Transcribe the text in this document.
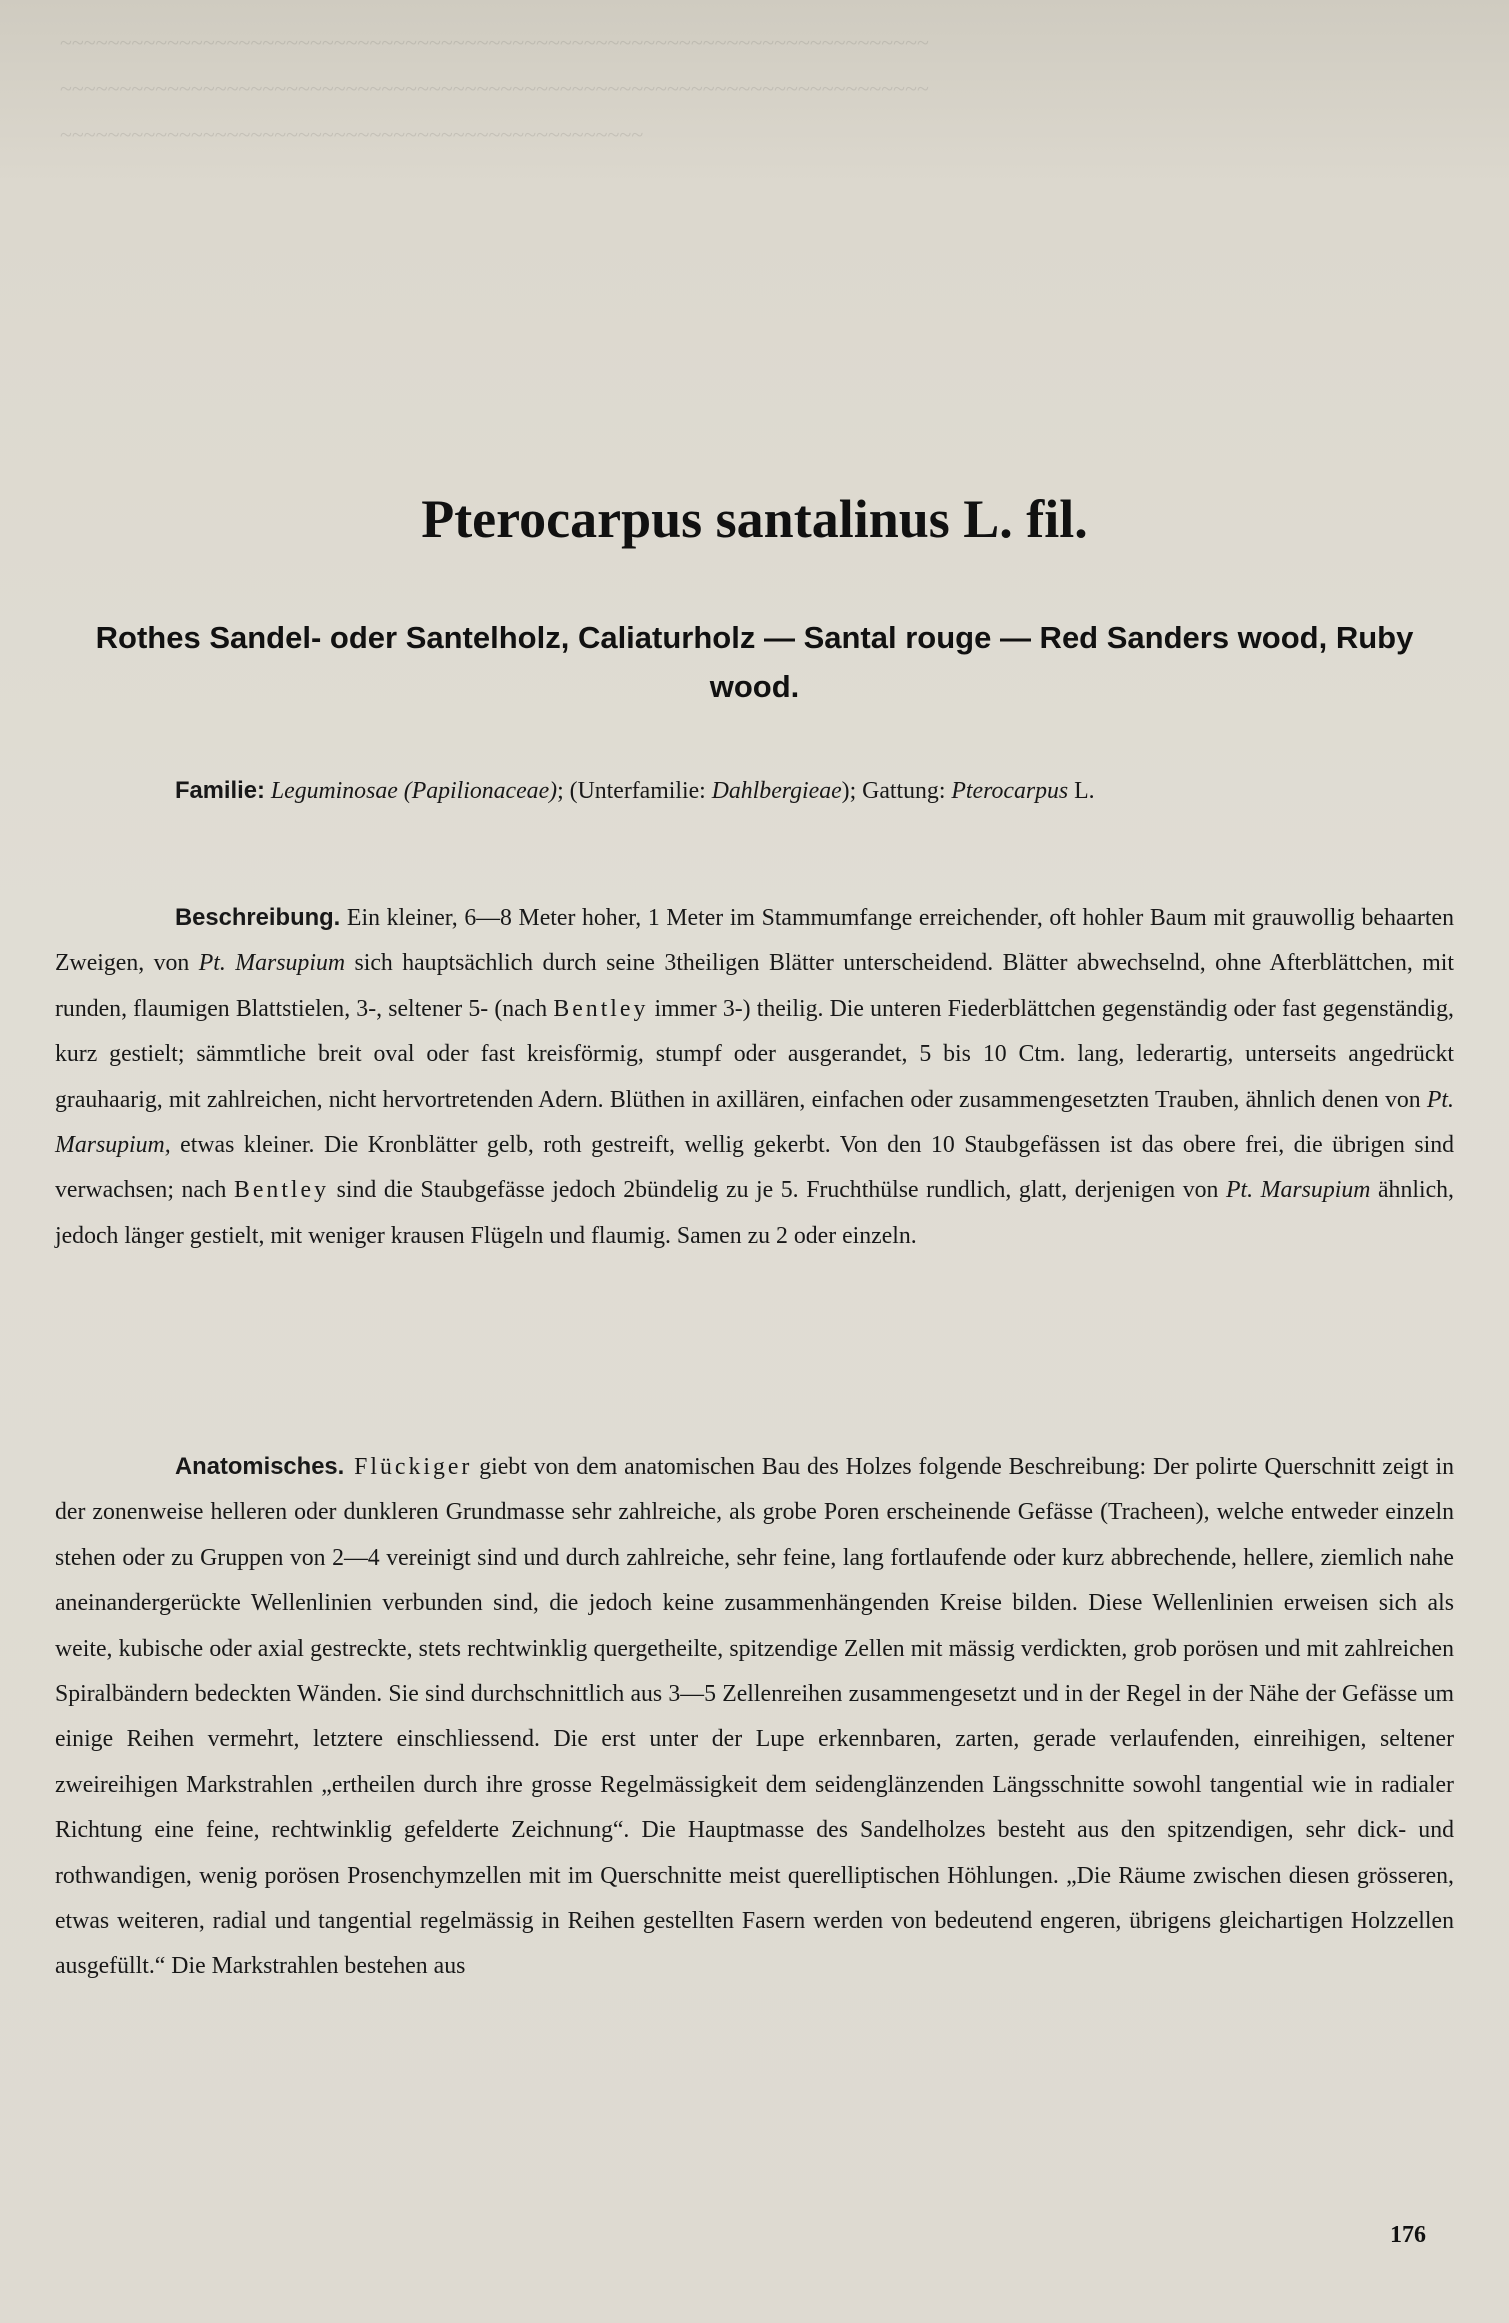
~~~~~~~~~~~~~~~~~~~~~~~~~~~~~~~~~~~~~~~~~~~~~~~~~~~~~~~~~~~~~~~~~~~~~~~~~

~~~~~~~~~~~~~~~~~~~~~~~~~~~~~~~~~~~~~~~~~~~~~~~~~~~~~~~~~~~~~~~~~~~~~~~~~

~~~~~~~~~~~~~~~~~~~~~~~~~~~~~~~~~~~~~~~~~~~~~~~~~

Pterocarpus santalinus L. fil.
Rothes Sandel- oder Santelholz, Caliaturholz — Santal rouge — Red Sanders wood, Ruby wood.

Familie: Leguminosae (Papilionaceae); (Unterfamilie: Dahlbergieae); Gattung: Pterocarpus L.

Beschreibung. Ein kleiner, 6—8 Meter hoher, 1 Meter im Stammumfange erreichender, oft hohler Baum mit grauwollig behaarten Zweigen, von Pt. Marsupium sich hauptsächlich durch seine 3theiligen Blätter unterscheidend. Blätter abwechselnd, ohne Afterblättchen, mit runden, flaumigen Blattstielen, 3-, seltener 5- (nach Bentley immer 3-) theilig. Die unteren Fiederblättchen gegenständig oder fast gegenständig, kurz gestielt; sämmtliche breit oval oder fast kreisförmig, stumpf oder ausgerandet, 5 bis 10 Ctm. lang, lederartig, unterseits angedrückt grauhaarig, mit zahlreichen, nicht hervortretenden Adern. Blüthen in axillären, einfachen oder zusammengesetzten Trauben, ähnlich denen von Pt. Marsupium, etwas kleiner. Die Kronblätter gelb, roth gestreift, wellig gekerbt. Von den 10 Staubgefässen ist das obere frei, die übrigen sind verwachsen; nach Bentley sind die Staubgefässe jedoch 2bündelig zu je 5. Fruchthülse rundlich, glatt, derjenigen von Pt. Marsupium ähnlich, jedoch länger gestielt, mit weniger krausen Flügeln und flaumig. Samen zu 2 oder einzeln.

Anatomisches. Flückiger giebt von dem anatomischen Bau des Holzes folgende Beschreibung: Der polirte Querschnitt zeigt in der zonenweise helleren oder dunkleren Grundmasse sehr zahlreiche, als grobe Poren erscheinende Gefässe (Tracheen), welche entweder einzeln stehen oder zu Gruppen von 2—4 vereinigt sind und durch zahlreiche, sehr feine, lang fortlaufende oder kurz abbrechende, hellere, ziemlich nahe aneinandergerückte Wellenlinien verbunden sind, die jedoch keine zusammenhängenden Kreise bilden. Diese Wellenlinien erweisen sich als weite, kubische oder axial gestreckte, stets rechtwinklig quergetheilte, spitzendige Zellen mit mässig verdickten, grob porösen und mit zahlreichen Spiralbändern bedeckten Wänden. Sie sind durchschnittlich aus 3—5 Zellenreihen zusammengesetzt und in der Regel in der Nähe der Gefässe um einige Reihen vermehrt, letztere einschliessend. Die erst unter der Lupe erkennbaren, zarten, gerade verlaufenden, einreihigen, seltener zweireihigen Markstrahlen „ertheilen durch ihre grosse Regelmässigkeit dem seidenglänzenden Längsschnitte sowohl tangential wie in radialer Richtung eine feine, rechtwinklig gefelderte Zeichnung“. Die Hauptmasse des Sandelholzes besteht aus den spitzendigen, sehr dick- und rothwandigen, wenig porösen Prosenchymzellen mit im Querschnitte meist querelliptischen Höhlungen. „Die Räume zwischen diesen grösseren, etwas weiteren, radial und tangential regelmässig in Reihen gestellten Fasern werden von bedeutend engeren, übrigens gleichartigen Holzzellen ausgefüllt.“ Die Markstrahlen bestehen aus

176
